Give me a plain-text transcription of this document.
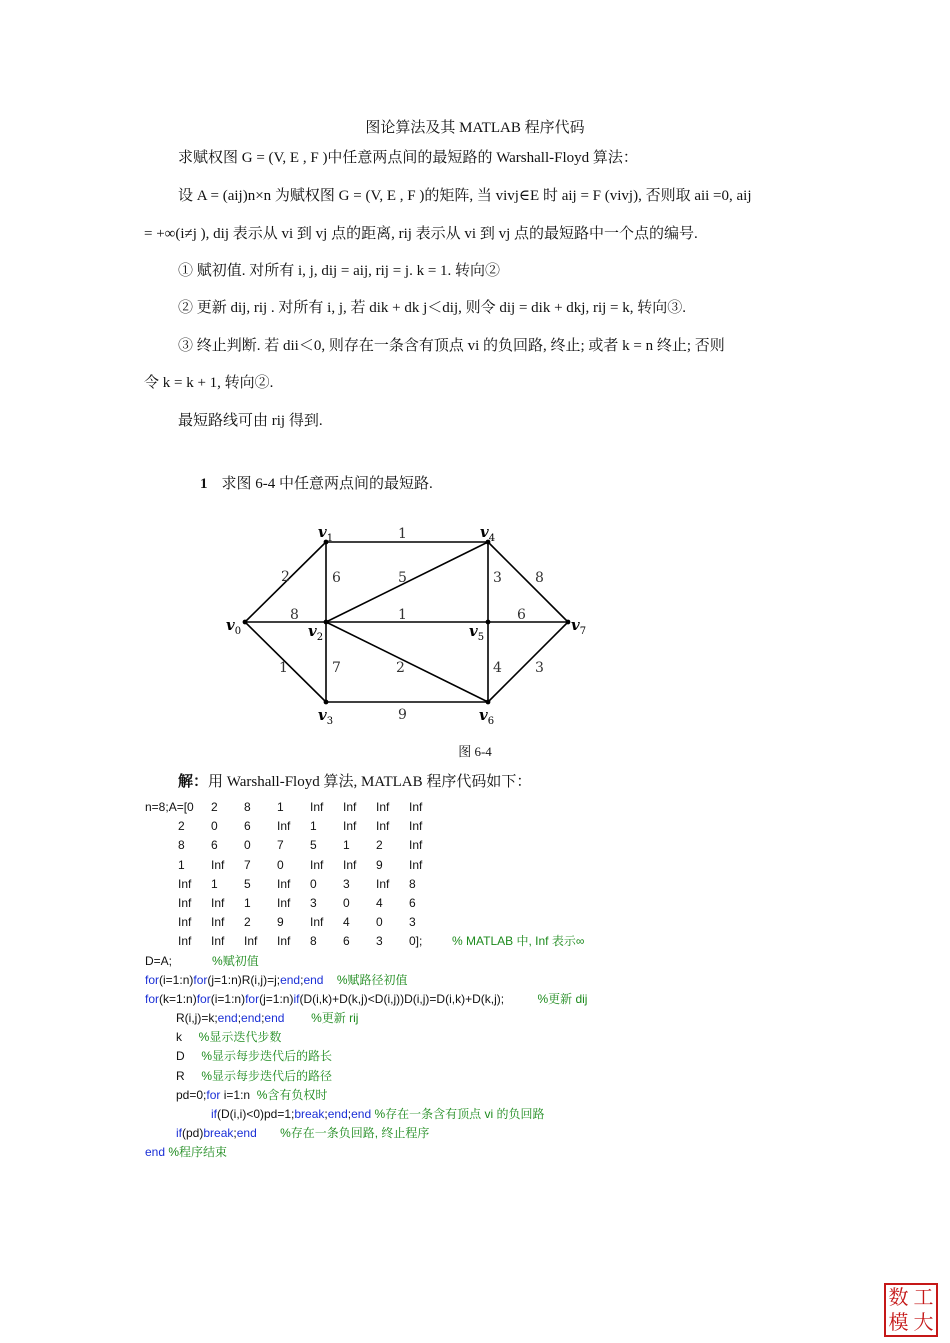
图论算法及其 MATLAB 程序代码
求赋权图 G = (V, E , F )中任意两点间的最短路的 Warshall-Floyd 算法：
设 A = (aij)n×n 为赋权图 G = (V, E , F )的矩阵, 当 vivj∈E 时 aij = F (vivj), 否则取 aii =0, aij
= +∞(i≠j ), dij 表示从 vi 到 vj 点的距离, rij 表示从 vi 到 vj 点的最短路中一个点的编号.
① 赋初值. 对所有 i, j, dij = aij, rij = j. k = 1. 转向②
② 更新 dij, rij . 对所有 i, j, 若 dik + dk j＜dij, 则令 dij = dik + dkj, rij = k, 转向③.
③ 终止判断. 若 dii＜0, 则存在一条含有顶点 vi 的负回路, 终止; 或者 k = n 终止; 否则
令 k = k + 1, 转向②.
最短路线可由 rij 得到.
1 求图 6-4 中任意两点间的最短路.
2
8
1
6
1
7
5
1
2
9
3 8
6
4 3
$v_0$
$v_1$
$v_2$
$v_3$
$v_4$
$v_5$
$v_6$
$v_7$
图 6-4
解：用 Warshall-Floyd 算法, MATLAB 程序代码如下：
n=8;A=[0 2 8 1 Inf Inf Inf Inf
2 0 6 Inf 1 Inf Inf Inf
8 6 0 7 5 1 2 Inf
1 Inf 7 0 Inf Inf 9 Inf
Inf 1 5 Inf 0 3 Inf 8
Inf Inf 1 Inf 3 0 4 6
Inf Inf 2 9 Inf 4 0 3
Inf Inf Inf Inf 8 6 3 0]; % MATLAB 中, Inf 表示∞
D=A;	%赋初值
for(i=1:n)for(j=1:n)R(i,j)=j;end;end %赋路径初值
for(k=1:n)for(i=1:n)for(j=1:n)if(D(i,k)+D(k,j)<D(i,j))D(i,j)=D(i,k)+D(k,j);	%更新 dij
R(i,j)=k;end;end;end %更新 rij
k %显示迭代步数
D %显示每步迭代后的路长
R %显示每步迭代后的路径
pd=0;for i=1:n %含有负权时
if(D(i,i)<0)pd=1;break;end;end %存在一条含有顶点 vi 的负回路
if(pd)break;end %存在一条负回路, 终止程序
end %程序结束
数 工
模 大
